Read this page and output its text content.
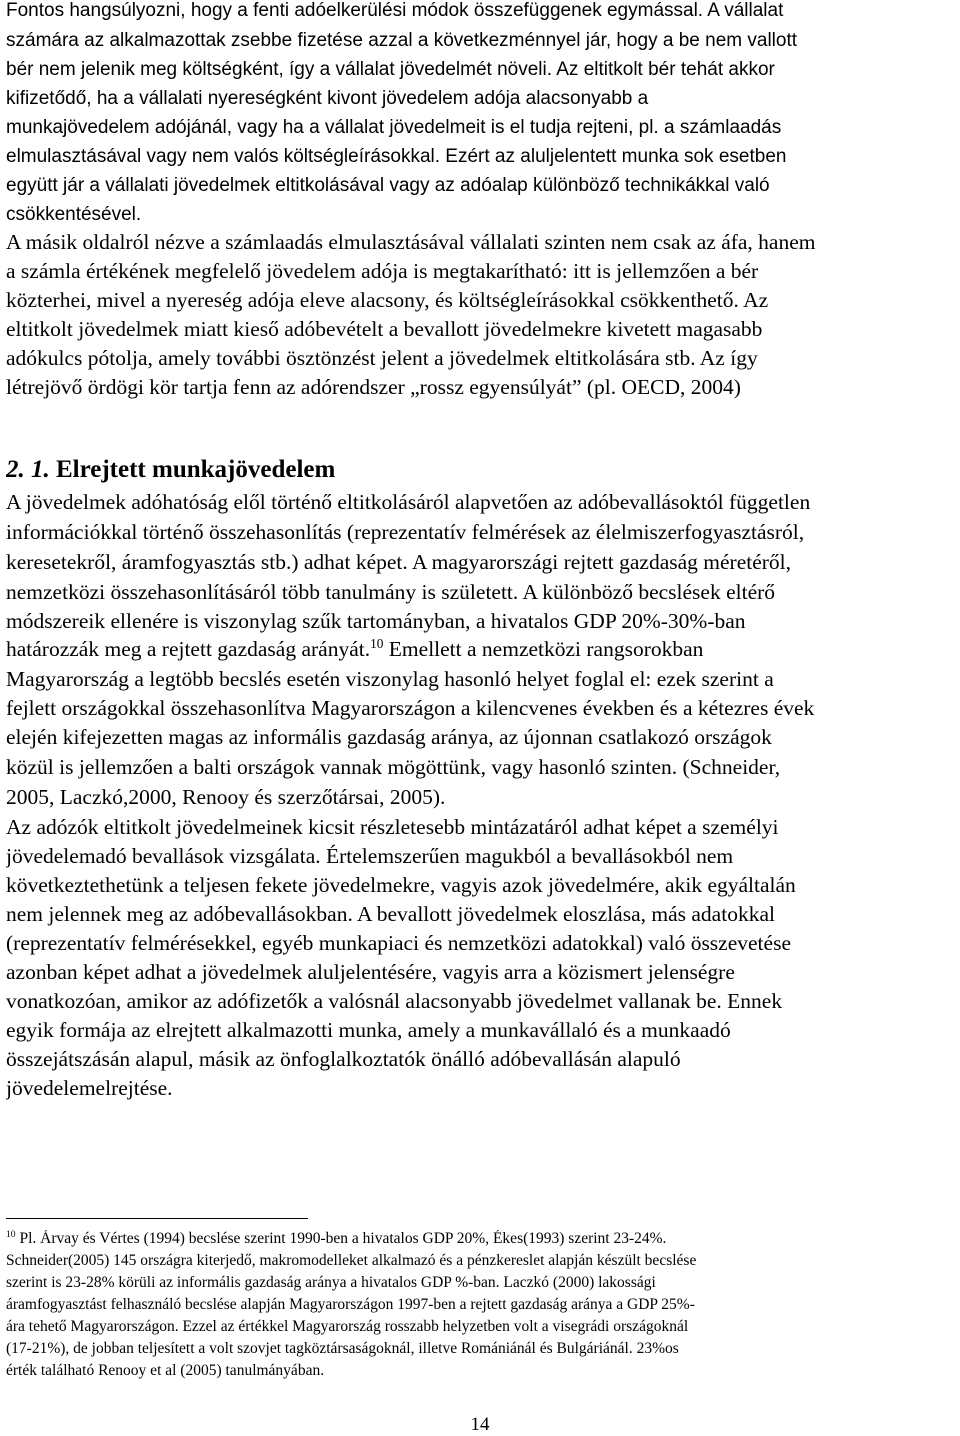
Fontos hangsúlyozni, hogy a fenti adóelkerülési módok összefüggenek egymással. A vállalat
számára az alkalmazottak zsebbe fizetése azzal a következménnyel jár, hogy a be nem vallott
bér nem jelenik meg költségként, így a vállalat jövedelmét növeli. Az eltitkolt bér tehát akkor
kifizetődő, ha a vállalati nyereségként kivont jövedelem adója alacsonyabb a
munkajövedelem adójánál, vagy ha a vállalat jövedelmeit is el tudja rejteni, pl. a számlaadás
elmulasztásával vagy nem valós költségleírásokkal. Ezért az aluljelentett munka sok esetben
együtt jár a vállalati jövedelmek eltitkolásával vagy az adóalap különböző technikákkal való
csökkentésével.
A másik oldalról nézve a számlaadás elmulasztásával vállalati szinten nem csak az áfa, hanem
a számla értékének megfelelő jövedelem adója is megtakarítható: itt is jellemzően a bér
közterhei, mivel a nyereség adója eleve alacsony, és költségleírásokkal csökkenthető. Az
eltitkolt jövedelmek miatt kieső adóbevételt a bevallott jövedelmekre kivetett magasabb
adókulcs pótolja, amely további ösztönzést jelent a jövedelmek eltitkolására stb. Az így
létrejövő ördögi kör tartja fenn az adórendszer „rossz egyensúlyát” (pl. OECD, 2004)
2. 1. Elrejtett munkajövedelem
A jövedelmek adóhatóság elől történő eltitkolásáról alapvetően az adóbevallásoktól független
információkkal történő összehasonlítás (reprezentatív felmérések az élelmiszerfogyasztásról,
keresetekről, áramfogyasztás stb.) adhat képet. A magyarországi rejtett gazdaság méretéről,
nemzetközi összehasonlításáról több tanulmány is született. A különböző becslések eltérő
módszereik ellenére is viszonylag szűk tartományban, a hivatalos GDP 20%-30%-ban
határozzák meg a rejtett gazdaság arányát.$^{10}$ Emellett a nemzetközi rangsorokban
Magyarország a legtöbb becslés esetén viszonylag hasonló helyet foglal el: ezek szerint a
fejlett országokkal összehasonlítva Magyarországon a kilencvenes években és a kétezres évek
elején kifejezetten magas az informális gazdaság aránya, az újonnan csatlakozó országok
közül is jellemzően a balti országok vannak mögöttünk, vagy hasonló szinten. (Schneider,
2005, Laczkó,2000, Renooy és szerzőtársai, 2005).
Az adózók eltitkolt jövedelmeinek kicsit részletesebb mintázatáról adhat képet a személyi
jövedelemadó bevallások vizsgálata. Értelemszerűen magukból a bevallásokból nem
következtethetünk a teljesen fekete jövedelmekre, vagyis azok jövedelmére, akik egyáltalán
nem jelennek meg az adóbevallásokban. A bevallott jövedelmek eloszlása, más adatokkal
(reprezentatív felmérésekkel, egyéb munkapiaci és nemzetközi adatokkal) való összevetése
azonban képet adhat a jövedelmek aluljelentésére, vagyis arra a közismert jelenségre
vonatkozóan, amikor az adófizetők a valósnál alacsonyabb jövedelmet vallanak be. Ennek
egyik formája az elrejtett alkalmazotti munka, amely a munkavállaló és a munkaadó
összejátszásán alapul, másik az önfoglalkoztatók önálló adóbevallásán alapuló
jövedelemelrejtése.
$^{10}$ Pl. Árvay és Vértes (1994) becslése szerint 1990-ben a hivatalos GDP 20%, Ékes(1993) szerint 23-24%.
Schneider(2005) 145 országra kiterjedő, makromodelleket alkalmazó és a pénzkereslet alapján készült becslése
szerint is 23-28% körüli az informális gazdaság aránya a hivatalos GDP %-ban. Laczkó (2000) lakossági
áramfogyasztást felhasználó becslése alapján Magyarországon 1997-ben a rejtett gazdaság aránya a GDP 25%-
ára tehető Magyarországon. Ezzel az értékkel Magyarország rosszabb helyzetben volt a visegrádi országoknál
(17-21%), de jobban teljesített a volt szovjet tagköztársaságoknál, illetve Romániánál és Bulgáriánál. 23%os
érték található Renooy et al (2005) tanulmányában.
14
